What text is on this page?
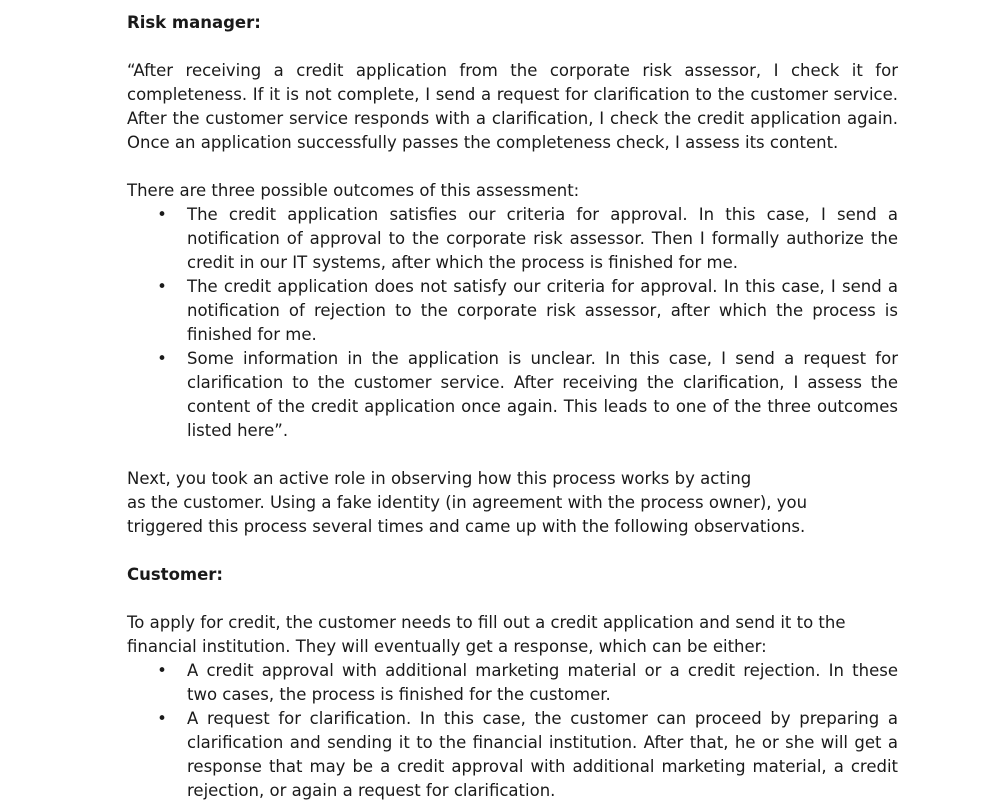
Risk manager:

“After receiving a credit application from the corporate risk assessor, I check it for completeness. If it is not complete, I send a request for clarification to the customer service. After the customer service responds with a clarification, I check the credit application again. Once an application successfully passes the completeness check, I assess its content.

There are three possible outcomes of this assessment:

• The credit application satisfies our criteria for approval. In this case, I send a notification of approval to the corporate risk assessor. Then I formally authorize the credit in our IT systems, after which the process is finished for me.
• The credit application does not satisfy our criteria for approval. In this case, I send a notification of rejection to the corporate risk assessor, after which the process is finished for me.
• Some information in the application is unclear. In this case, I send a request for clarification to the customer service. After receiving the clarification, I assess the content of the credit application once again. This leads to one of the three outcomes listed here”.
Next, you took an active role in observing how this process works by acting
as the customer. Using a fake identity (in agreement with the process owner), you
triggered this process several times and came up with the following observations.

Customer:

To apply for credit, the customer needs to fill out a credit application and send it to the
financial institution. They will eventually get a response, which can be either:
• A credit approval with additional marketing material or a credit rejection. In these two cases, the process is finished for the customer.
• A request for clarification. In this case, the customer can proceed by preparing a clarification and sending it to the financial institution. After that, he or she will get a response that may be a credit approval with additional marketing material, a credit rejection, or again a request for clarification.
